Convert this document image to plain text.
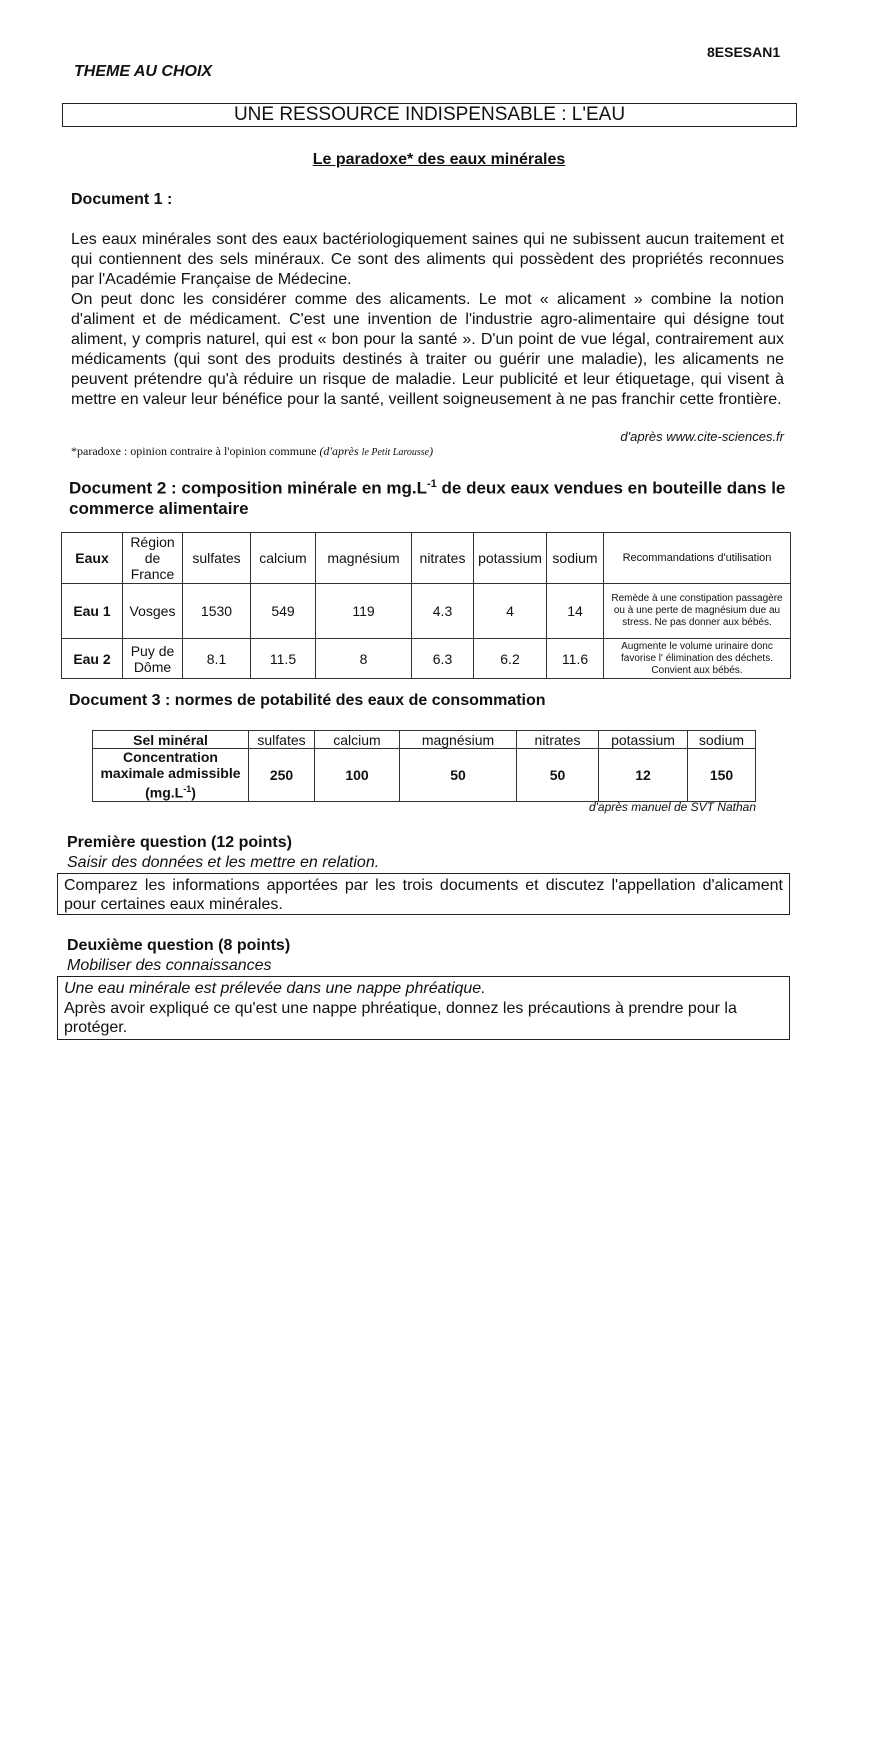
THEME AU CHOIX
8ESESAN1
UNE RESSOURCE INDISPENSABLE : L'EAU
Le paradoxe* des eaux minérales
Document 1 :

Les eaux minérales sont des eaux bactériologiquement saines qui ne subissent aucun traitement et qui contiennent des sels minéraux. Ce sont des aliments qui possèdent des propriétés reconnues par l'Académie Française de Médecine.

On peut donc les considérer comme des alicaments. Le mot « alicament » combine la notion d'aliment et de médicament. C'est une invention de l'industrie agro-alimentaire qui désigne tout aliment, y compris naturel, qui est « bon pour la santé ». D'un point de vue légal, contrairement aux médicaments (qui sont des produits destinés à traiter ou guérir une maladie), les alicaments ne peuvent prétendre qu'à réduire un risque de maladie. Leur publicité et leur étiquetage, qui visent à mettre en valeur leur bénéfice pour la santé, veillent soigneusement à ne pas franchir cette frontière.

d'après www.cite-sciences.fr
*paradoxe : opinion contraire à l'opinion commune (d'après le Petit Larousse)
Document 2 : composition minérale en $mg.L^{-1}$ de deux eaux vendues en bouteille dans le commerce alimentaire
Eaux	Région de France	sulfates	calcium	magnésium	nitrates	potassium	sodium	Recommandations d'utilisation
Eau 1	Vosges	1530	549	119	4.3	4	14	Remède à une constipation passagère ou à une perte de magnésium due au stress. Ne pas donner aux bébés.
Eau 2	Puy de Dôme	8.1	11.5	8	6.3	6.2	11.6	Augmente le volume urinaire donc favorise l' élimination des déchets. Convient aux bébés.
Document 3 : normes de potabilité des eaux de consommation
Sel minéral	sulfates	calcium	magnésium	nitrates	potassium	sodium
Concentration maximale admissible $(mg.L^{-1})$	250	100	50	50	12	150
d'après manuel de SVT Nathan
Première question (12 points)
Saisir des données et les mettre en relation.
Comparez les informations apportées par les trois documents et discutez l'appellation d'alicament pour certaines eaux minérales.
Deuxième question (8 points)
Mobiliser des connaissances
Une eau minérale est prélevée dans une nappe phréatique.
Après avoir expliqué ce qu'est une nappe phréatique, donnez les précautions à prendre pour la protéger.
